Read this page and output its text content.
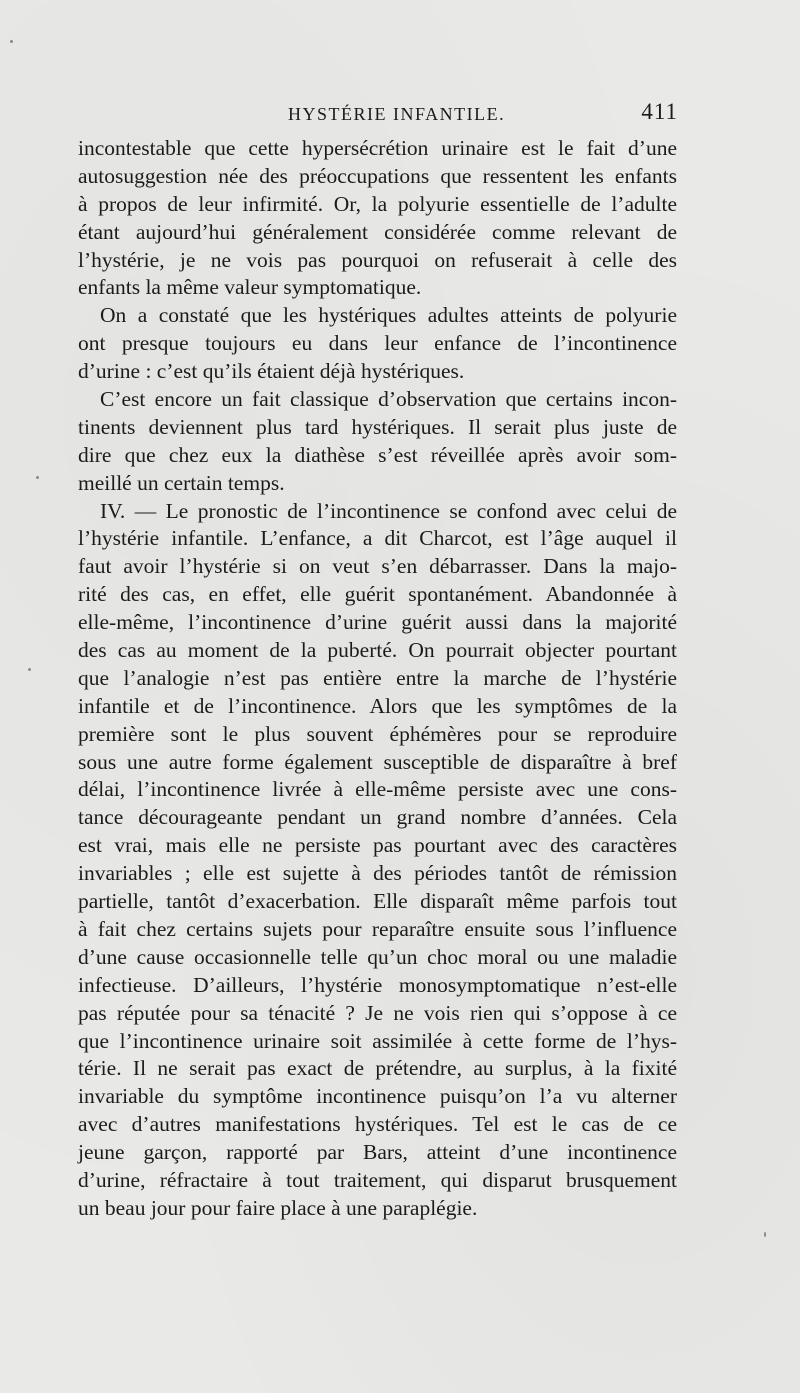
HYSTÉRIE INFANTILE.	411
incontestable que cette hypersécrétion urinaire est le fait d’une
autosuggestion née des préoccupations que ressentent les enfants
à propos de leur infirmité. Or, la polyurie essentielle de l’adulte
étant aujourd’hui généralement considérée comme relevant de
l’hystérie, je ne vois pas pourquoi on refuserait à celle des
enfants la même valeur symptomatique.
On a constaté que les hystériques adultes atteints de polyurie
ont presque toujours eu dans leur enfance de l’incontinence
d’urine : c’est qu’ils étaient déjà hystériques.
C’est encore un fait classique d’observation que certains incon-
tinents deviennent plus tard hystériques. Il serait plus juste de
dire que chez eux la diathèse s’est réveillée après avoir som-
meillé un certain temps.
IV. — Le pronostic de l’incontinence se confond avec celui de
l’hystérie infantile. L’enfance, a dit Charcot, est l’âge auquel il
faut avoir l’hystérie si on veut s’en débarrasser. Dans la majo-
rité des cas, en effet, elle guérit spontanément. Abandonnée à
elle-même, l’incontinence d’urine guérit aussi dans la majorité
des cas au moment de la puberté. On pourrait objecter pourtant
que l’analogie n’est pas entière entre la marche de l’hystérie
infantile et de l’incontinence. Alors que les symptômes de la
première sont le plus souvent éphémères pour se reproduire
sous une autre forme également susceptible de disparaître à bref
délai, l’incontinence livrée à elle-même persiste avec une cons-
tance décourageante pendant un grand nombre d’années. Cela
est vrai, mais elle ne persiste pas pourtant avec des caractères
invariables ; elle est sujette à des périodes tantôt de rémission
partielle, tantôt d’exacerbation. Elle disparaît même parfois tout
à fait chez certains sujets pour reparaître ensuite sous l’influence
d’une cause occasionnelle telle qu’un choc moral ou une maladie
infectieuse. D’ailleurs, l’hystérie monosymptomatique n’est-elle
pas réputée pour sa ténacité ? Je ne vois rien qui s’oppose à ce
que l’incontinence urinaire soit assimilée à cette forme de l’hys-
térie. Il ne serait pas exact de prétendre, au surplus, à la fixité
invariable du symptôme incontinence puisqu’on l’a vu alterner
avec d’autres manifestations hystériques. Tel est le cas de ce
jeune garçon, rapporté par Bars, atteint d’une incontinence
d’urine, réfractaire à tout traitement, qui disparut brusquement
un beau jour pour faire place à une paraplégie.
